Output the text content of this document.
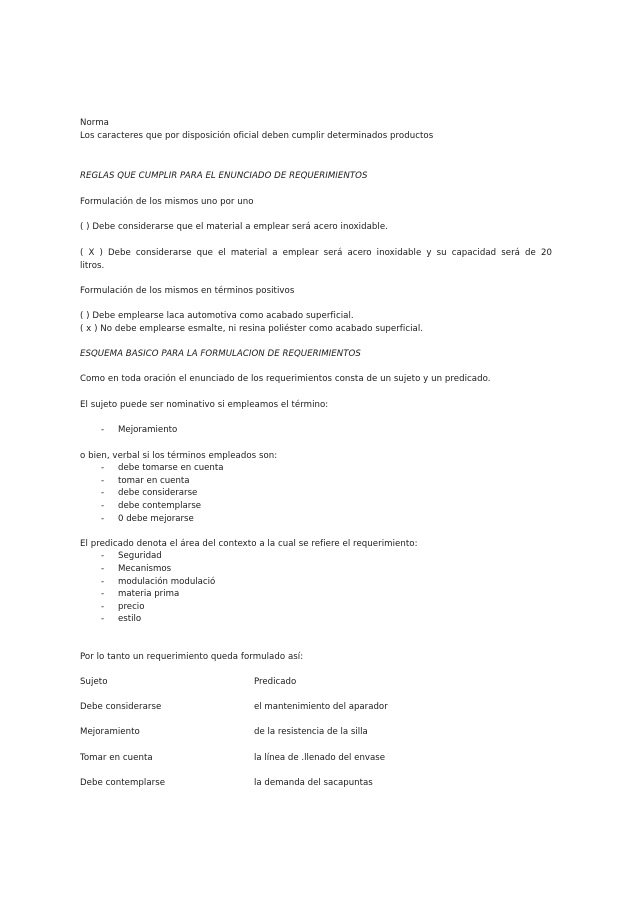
Norma
Los caracteres que por disposición oficial deben cumplir determinados productos
REGLAS QUE CUMPLIR PARA EL ENUNCIADO DE REQUERIMIENTOS
Formulación de los mismos uno por uno
( ) Debe considerarse que el material a emplear será acero inoxidable.
( X ) Debe considerarse que el material a emplear será acero inoxidable y su capacidad será de 20
litros.
Formulación de los mismos en términos positivos
( ) Debe emplearse laca automotiva como acabado superficial.
( x ) No debe emplearse esmalte, ni resina poliéster como acabado superficial.
ESQUEMA BASICO PARA LA FORMULACION DE REQUERIMIENTOS
Como en toda oración el enunciado de los requerimientos consta de un sujeto y un predicado.
El sujeto puede ser nominativo si empleamos el término:
- Mejoramiento
o bien, verbal si los términos empleados son:
- debe tomarse en cuenta
- tomar en cuenta
- debe considerarse
- debe contemplarse
- 0 debe mejorarse
El predicado denota el área del contexto a la cual se refiere el requerimiento:
- Seguridad
- Mecanismos
- modulación modulació
- materia prima
- precio
- estilo
Por lo tanto un requerimiento queda formulado así:
Sujeto	Predicado
Debe considerarse	el mantenimiento del aparador
Mejoramiento	de la resistencia de la silla
Tomar en cuenta	la línea de .llenado del envase
Debe contemplarse	la demanda del sacapuntas
